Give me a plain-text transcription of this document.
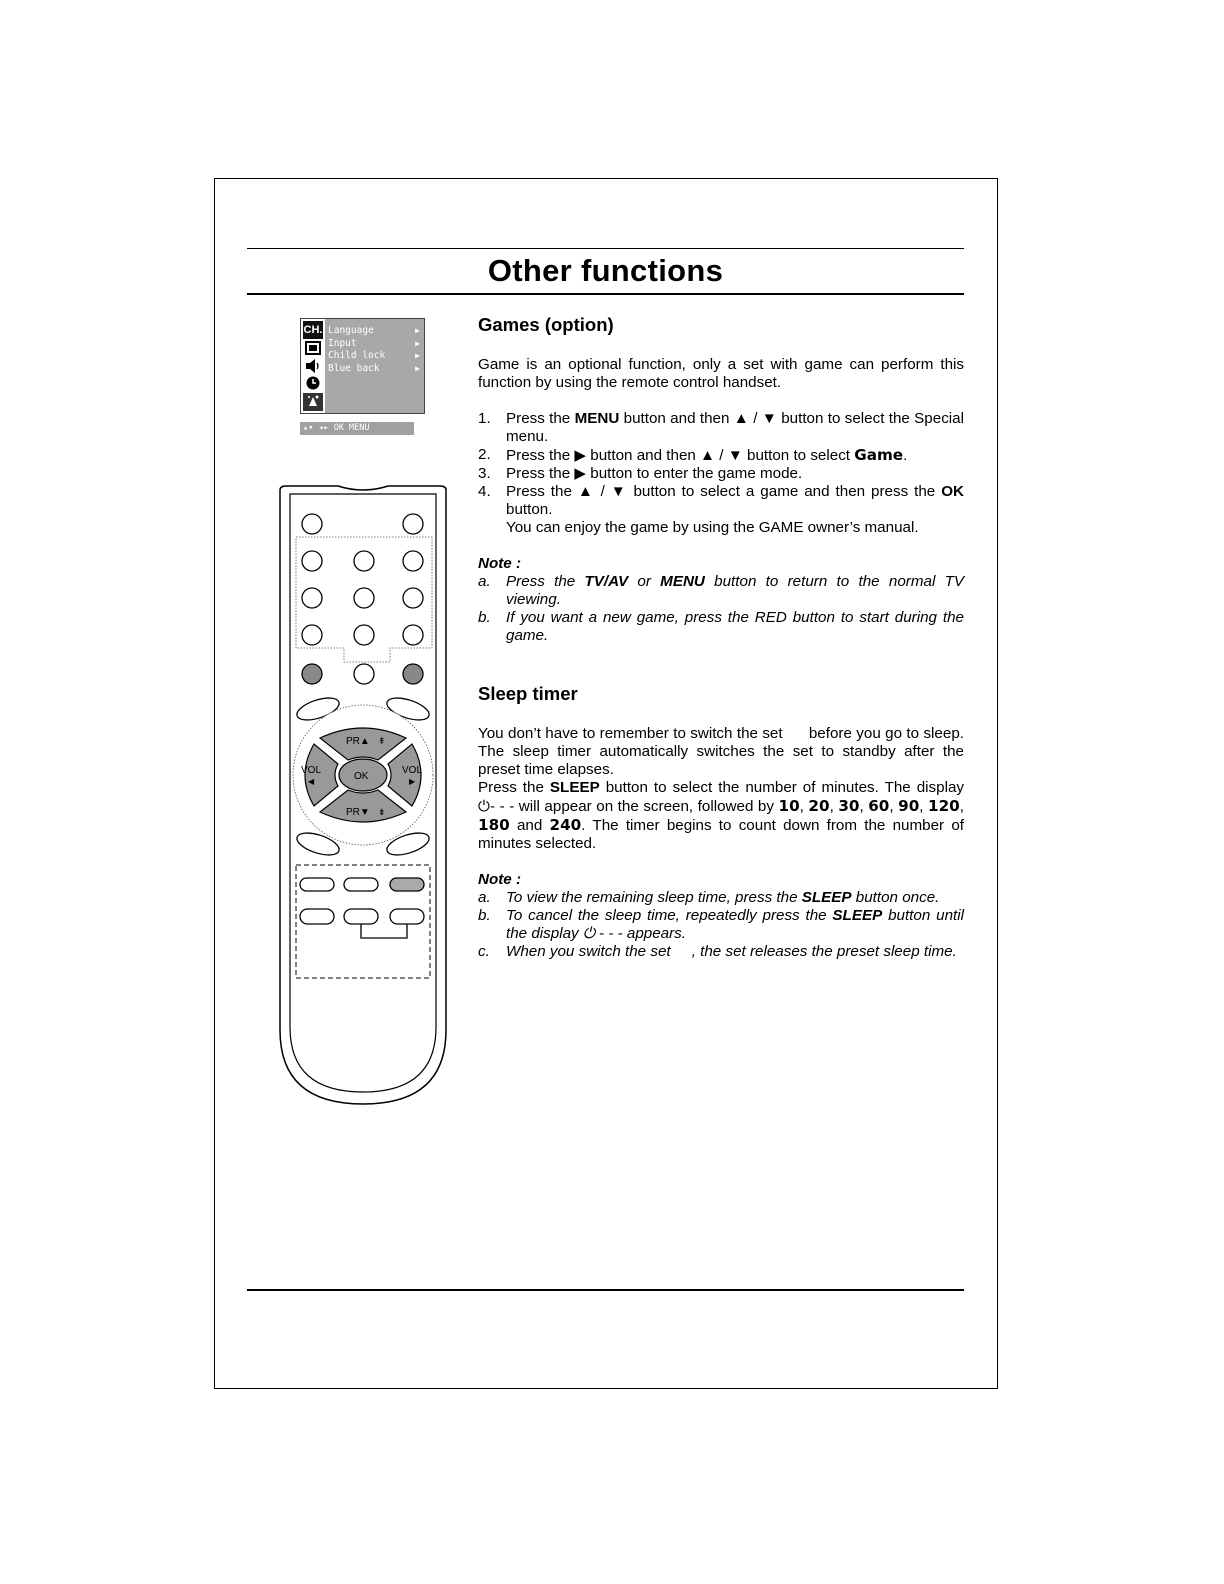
Other functions
CH. Language	▶
Input	▶
Child lock	▶
Blue back	▶
▴▾ ◂▸ OK MENU
PR▲ ⇞
PR▼ ⇟
VOL
◀
VOL
▶
OK
Games (option)

Game is an optional function, only a set with game can perform this function by using the remote control handset.

1. Press the MENU button and then ▲ / ▼ button to select the Special menu.
2. Press the ▶ button and then ▲ / ▼ button to select Game.
3. Press the ▶ button to enter the game mode.
4. Press the ▲ / ▼ button to select a game and then press the OK button.
You can enjoy the game by using the GAME owner’s manual.
Note :
a. Press the TV/AV or MENU button to return to the normal TV viewing.
b. If you want a new game, press the RED button to start during the game.
Sleep timer

You don’t have to remember to switch the set      before you go to sleep. The sleep timer automatically switches the set to standby after the preset time elapses.

Press the SLEEP button to select the number of minutes. The display ⏻- - - will appear on the screen, followed by 10, 20, 30, 60, 90, 120, 180 and 240. The timer begins to count down from the number of minutes selected.

Note :
a. To view the remaining sleep time, press the SLEEP button once.
b. To cancel the sleep time, repeatedly press the SLEEP button until the display ⏻ - - - appears.
c. When you switch the set     , the set releases the preset sleep time.
